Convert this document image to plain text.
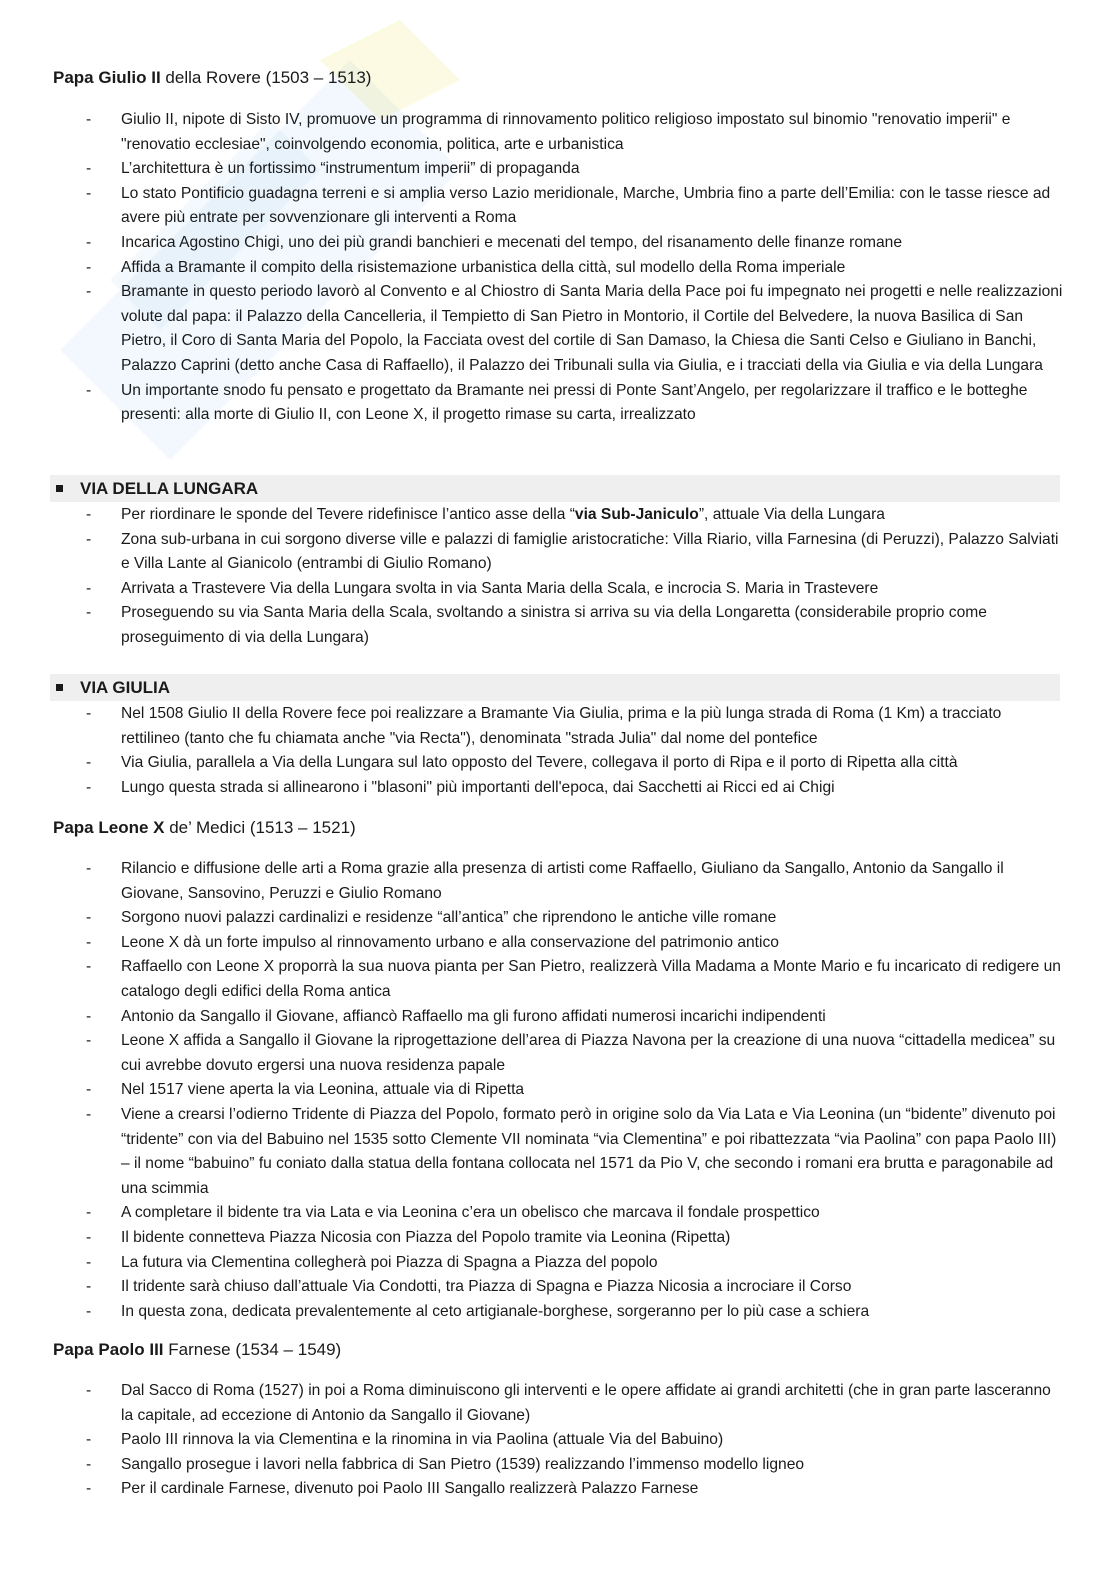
Papa Giulio II della Rovere (1503 – 1513)
- Giulio II, nipote di Sisto IV, promuove un programma di rinnovamento politico religioso impostato sul binomio "renovatio imperii" e "renovatio ecclesiae", coinvolgendo economia, politica, arte e urbanistica
- L’architettura è un fortissimo “instrumentum imperii” di propaganda
- Lo stato Pontificio guadagna terreni e si amplia verso Lazio meridionale, Marche, Umbria fino a parte dell’Emilia: con le tasse riesce ad avere più entrate per sovvenzionare gli interventi a Roma
- Incarica Agostino Chigi, uno dei più grandi banchieri e mecenati del tempo, del risanamento delle finanze romane
- Affida a Bramante il compito della risistemazione urbanistica della città, sul modello della Roma imperiale
- Bramante in questo periodo lavorò al Convento e al Chiostro di Santa Maria della Pace poi fu impegnato nei progetti e nelle realizzazioni volute dal papa: il Palazzo della Cancelleria, il Tempietto di San Pietro in Montorio, il Cortile del Belvedere, la nuova Basilica di San Pietro, il Coro di Santa Maria del Popolo, la Facciata ovest del cortile di San Damaso, la Chiesa die Santi Celso e Giuliano in Banchi, Palazzo Caprini (detto anche Casa di Raffaello), il Palazzo dei Tribunali sulla via Giulia, e i tracciati della via Giulia e via della Lungara
- Un importante snodo fu pensato e progettato da Bramante nei pressi di Ponte Sant’Angelo, per regolarizzare il traffico e le botteghe presenti: alla morte di Giulio II, con Leone X, il progetto rimase su carta, irrealizzato
VIA DELLA LUNGARA
- Per riordinare le sponde del Tevere ridefinisce l’antico asse della “via Sub-Janiculo”, attuale Via della Lungara
- Zona sub-urbana in cui sorgono diverse ville e palazzi di famiglie aristocratiche: Villa Riario, villa Farnesina (di Peruzzi), Palazzo Salviati e Villa Lante al Gianicolo (entrambi di Giulio Romano)
- Arrivata a Trastevere Via della Lungara svolta in via Santa Maria della Scala, e incrocia S. Maria in Trastevere
- Proseguendo su via Santa Maria della Scala, svoltando a sinistra si arriva su via della Longaretta (considerabile proprio come proseguimento di via della Lungara)
VIA GIULIA
- Nel 1508 Giulio II della Rovere fece poi realizzare a Bramante Via Giulia, prima e la più lunga strada di Roma (1 Km) a tracciato rettilineo (tanto che fu chiamata anche "via Recta"), denominata "strada Julia" dal nome del pontefice
- Via Giulia, parallela a Via della Lungara sul lato opposto del Tevere, collegava il porto di Ripa e il porto di Ripetta alla città
- Lungo questa strada si allinearono i "blasoni" più importanti dell'epoca, dai Sacchetti ai Ricci ed ai Chigi
Papa Leone X de’ Medici (1513 – 1521)
- Rilancio e diffusione delle arti a Roma grazie alla presenza di artisti come Raffaello, Giuliano da Sangallo, Antonio da Sangallo il Giovane, Sansovino, Peruzzi e Giulio Romano
- Sorgono nuovi palazzi cardinalizi e residenze “all’antica” che riprendono le antiche ville romane
- Leone X dà un forte impulso al rinnovamento urbano e alla conservazione del patrimonio antico
- Raffaello con Leone X proporrà la sua nuova pianta per San Pietro, realizzerà Villa Madama a Monte Mario e fu incaricato di redigere un catalogo degli edifici della Roma antica
- Antonio da Sangallo il Giovane, affiancò Raffaello ma gli furono affidati numerosi incarichi indipendenti
- Leone X affida a Sangallo il Giovane la riprogettazione dell’area di Piazza Navona per la creazione di una nuova “cittadella medicea” su cui avrebbe dovuto ergersi una nuova residenza papale
- Nel 1517 viene aperta la via Leonina, attuale via di Ripetta
- Viene a crearsi l’odierno Tridente di Piazza del Popolo, formato però in origine solo da Via Lata e Via Leonina (un “bidente” divenuto poi “tridente” con via del Babuino nel 1535 sotto Clemente VII nominata “via Clementina” e poi ribattezzata “via Paolina” con papa Paolo III) – il nome “babuino” fu coniato dalla statua della fontana collocata nel 1571 da Pio V, che secondo i romani era brutta e paragonabile ad una scimmia
- A completare il bidente tra via Lata e via Leonina c’era un obelisco che marcava il fondale prospettico
- Il bidente connetteva Piazza Nicosia con Piazza del Popolo tramite via Leonina (Ripetta)
- La futura via Clementina collegherà poi Piazza di Spagna a Piazza del popolo
- Il tridente sarà chiuso dall’attuale Via Condotti, tra Piazza di Spagna e Piazza Nicosia a incrociare il Corso
- In questa zona, dedicata prevalentemente al ceto artigianale-borghese, sorgeranno per lo più case a schiera
Papa Paolo III Farnese (1534 – 1549)
- Dal Sacco di Roma (1527) in poi a Roma diminuiscono gli interventi e le opere affidate ai grandi architetti (che in gran parte lasceranno la capitale, ad eccezione di Antonio da Sangallo il Giovane)
- Paolo III rinnova la via Clementina e la rinomina in via Paolina (attuale Via del Babuino)
- Sangallo prosegue i lavori nella fabbrica di San Pietro (1539) realizzando l’immenso modello ligneo
- Per il cardinale Farnese, divenuto poi Paolo III Sangallo realizzerà Palazzo Farnese
